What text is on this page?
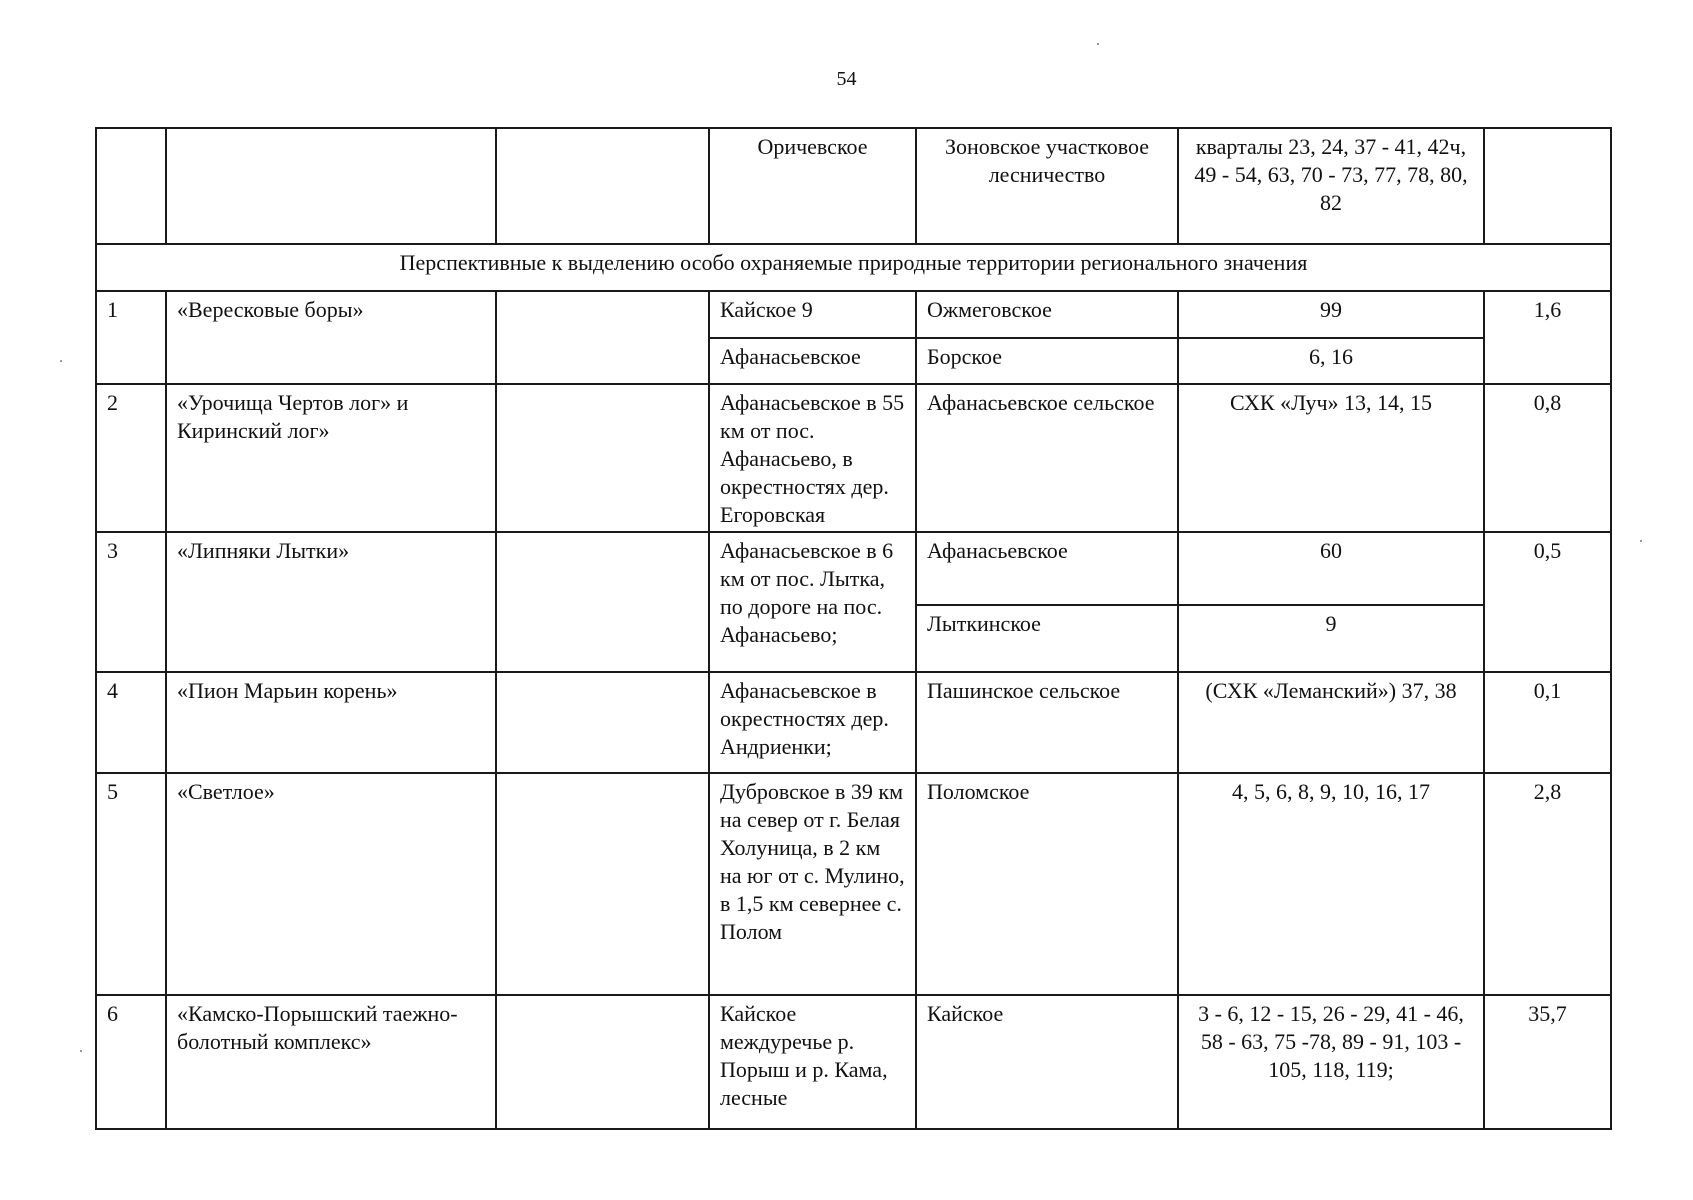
54
			Оричевское	Зоновское участковое лесничество	кварталы 23, 24, 37 - 41, 42ч, 49 - 54, 63, 70 - 73, 77, 78, 80, 82	
Перспективные к выделению особо охраняемые природные территории регионального значения						
1	«Вересковые боры»		Кайское 9	Ожмеговское	99	1,6
			Афанасьевское	Борское	6, 16	
2	«Урочища Чертов лог» и Киринский лог»		Афанасьевское в 55 км от пос. Афанасьево, в окрестностях дер. Егоровская	Афанасьевское сельское	СХК «Луч» 13, 14, 15	0,8
3	«Липняки Лытки»		Афанасьевское в 6 км от пос. Лытка, по дороге на пос. Афанасьево;	Афанасьевское	60	0,5
				Лыткинское	9	
4	«Пион Марьин корень»		Афанасьевское в окрестностях дер. Андриенки;	Пашинское сельское	(СХК «Леманский») 37, 38	0,1
5	«Светлое»		Дубровское в 39 км на север от г. Белая Холуница, в 2 км на юг от с. Мулино, в 1,5 км севернее с. Полом	Поломское	4, 5, 6, 8, 9, 10, 16, 17	2,8
6	«Камско-Порышский таежно-болотный комплекс»		Кайское междуречье р. Порыш и р. Кама, лесные	Кайское	3 - 6, 12 - 15, 26 - 29, 41 - 46, 58 - 63, 75 -78, 89 - 91, 103 - 105, 118, 119;	35,7
